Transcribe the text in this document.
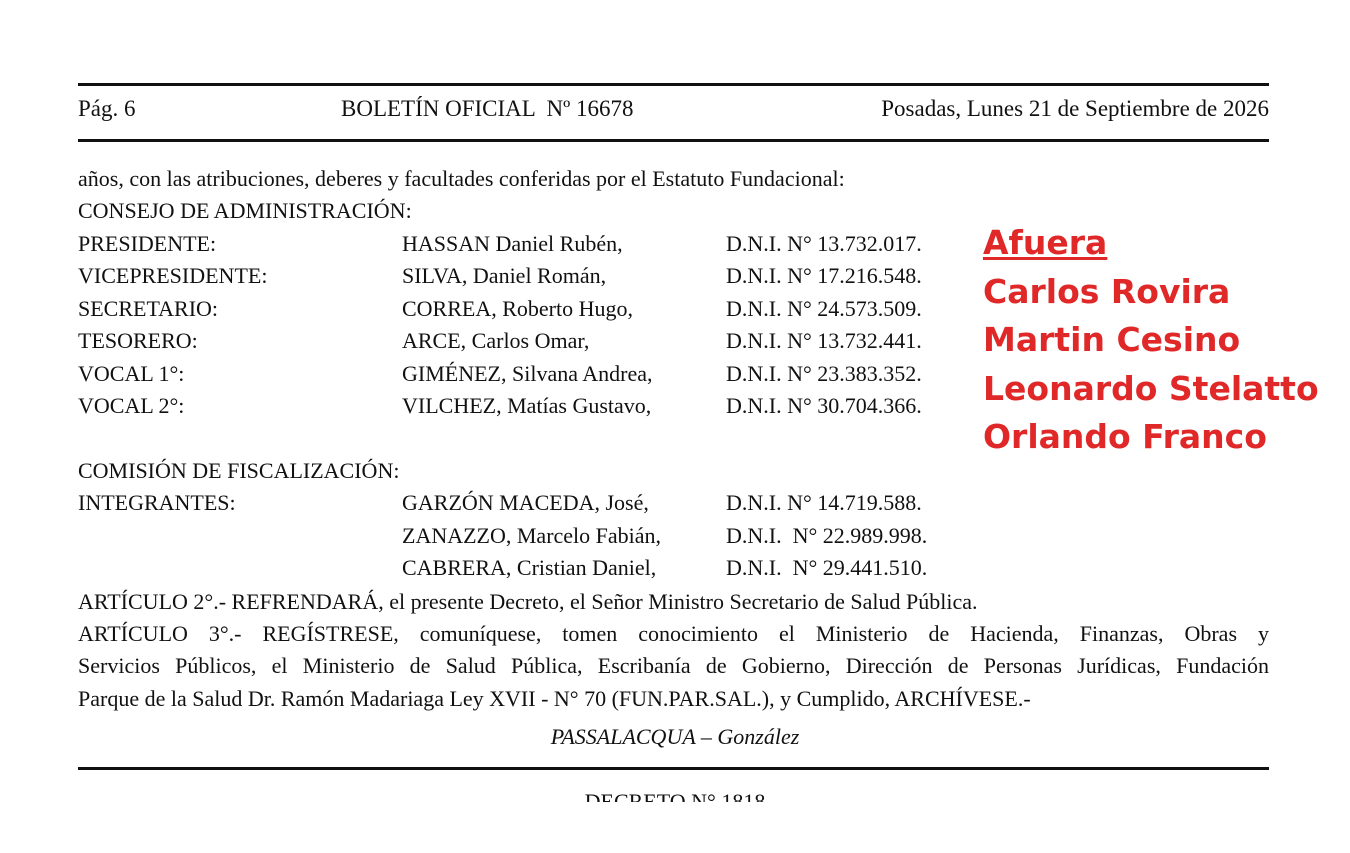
Pág. 6	BOLETÍN OFICIAL  Nº 16678	Posadas, Lunes 21 de Septiembre de 2026
años, con las atribuciones, deberes y facultades conferidas por el Estatuto Fundacional:
CONSEJO DE ADMINISTRACIÓN:
PRESIDENTE:	HASSAN Daniel Rubén,	D.N.I. N° 13.732.017.
VICEPRESIDENTE:	SILVA, Daniel Román,	D.N.I. N° 17.216.548.
SECRETARIO:	CORREA, Roberto Hugo,	D.N.I. N° 24.573.509.
TESORERO:	ARCE, Carlos Omar,	D.N.I. N° 13.732.441.
VOCAL 1°:	GIMÉNEZ, Silvana Andrea,	D.N.I. N° 23.383.352.
VOCAL 2°:	VILCHEZ, Matías Gustavo,	D.N.I. N° 30.704.366.
COMISIÓN DE FISCALIZACIÓN:
INTEGRANTES:	GARZÓN MACEDA, José,	D.N.I. N° 14.719.588.
ZANAZZO, Marcelo Fabián,	D.N.I.  N° 22.989.998.
CABRERA, Cristian Daniel,	D.N.I.  N° 29.441.510.
ARTÍCULO 2°.- REFRENDARÁ, el presente Decreto, el Señor Ministro Secretario de Salud Pública.
ARTÍCULO 3°.- REGÍSTRESE, comuníquese, tomen conocimiento el Ministerio de Hacienda, Finanzas, Obras y
Servicios Públicos, el Ministerio de Salud Pública, Escribanía de Gobierno, Dirección de Personas Jurídicas, Fundación
Parque de la Salud Dr. Ramón Madariaga Ley XVII - N° 70 (FUN.PAR.SAL.), y Cumplido, ARCHÍVESE.-
PASSALACQUA – González
Afuera
Carlos Rovira
Martin Cesino
Leonardo Stelatto
Orlando Franco
